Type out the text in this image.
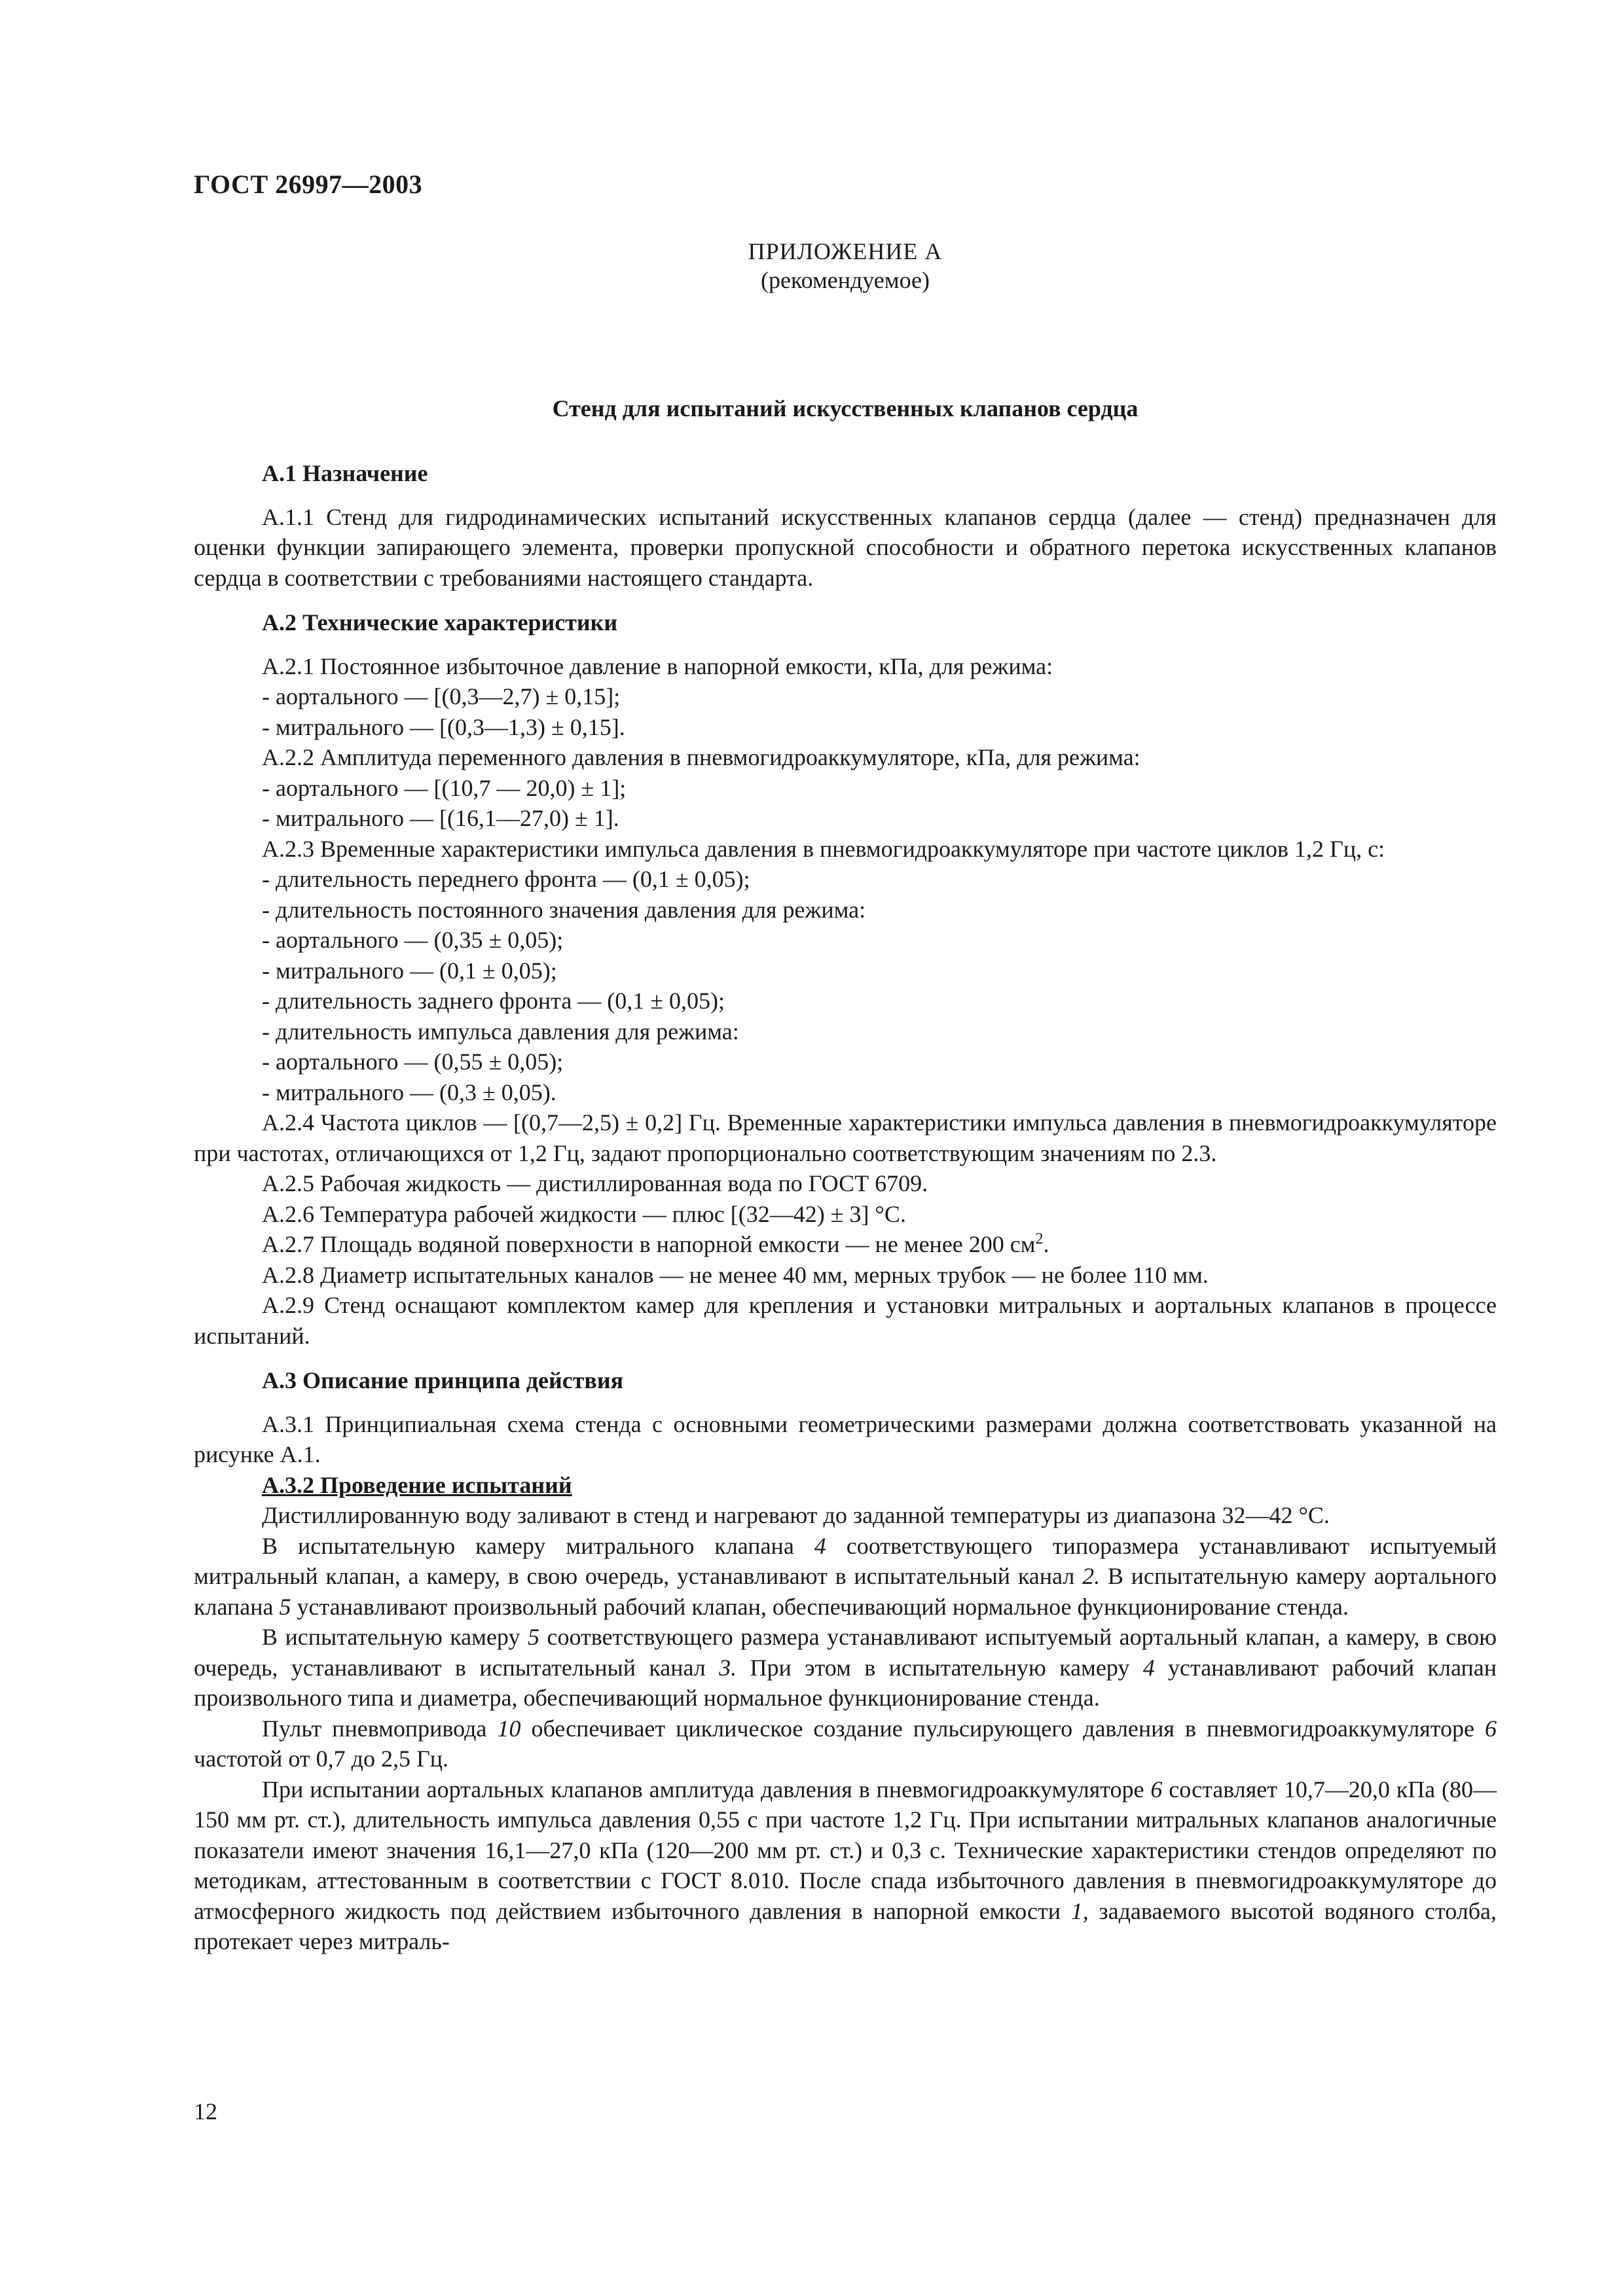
ГОСТ 26997—2003
ПРИЛОЖЕНИЕ А
(рекомендуемое)
Стенд для испытаний искусственных клапанов сердца

А.1 Назначение

А.1.1 Стенд для гидродинамических испытаний искусственных клапанов сердца (далее — стенд) предназначен для оценки функции запирающего элемента, проверки пропускной способности и обратного перетока искусственных клапанов сердца в соответствии с требованиями настоящего стандарта.

А.2 Технические характеристики

А.2.1 Постоянное избыточное давление в напорной емкости, кПа, для режима:

- аортального — [(0,3—2,7) ± 0,15];

- митрального — [(0,3—1,3) ± 0,15].

А.2.2 Амплитуда переменного давления в пневмогидроаккумуляторе, кПа, для режима:

- аортального — [(10,7 — 20,0) ± 1];

- митрального — [(16,1—27,0) ± 1].

А.2.3 Временные характеристики импульса давления в пневмогидроаккумуляторе при частоте циклов 1,2 Гц, с:

- длительность переднего фронта — (0,1 ± 0,05);

- длительность постоянного значения давления для режима:

- аортального — (0,35 ± 0,05);

- митрального — (0,1 ± 0,05);

- длительность заднего фронта — (0,1 ± 0,05);

- длительность импульса давления для режима:

- аортального — (0,55 ± 0,05);

- митрального — (0,3 ± 0,05).

А.2.4 Частота циклов — [(0,7—2,5) ± 0,2] Гц. Временные характеристики импульса давления в пневмогидроаккумуляторе при частотах, отличающихся от 1,2 Гц, задают пропорционально соответствующим значениям по 2.3.

А.2.5 Рабочая жидкость — дистиллированная вода по ГОСТ 6709.

А.2.6 Температура рабочей жидкости — плюс [(32—42) ± 3] °С.

А.2.7 Площадь водяной поверхности в напорной емкости — не менее 200 $см^2$.

А.2.8 Диаметр испытательных каналов — не менее 40 мм, мерных трубок — не более 110 мм.

А.2.9 Стенд оснащают комплектом камер для крепления и установки митральных и аортальных клапанов в процессе испытаний.

А.3 Описание принципа действия

А.3.1 Принципиальная схема стенда с основными геометрическими размерами должна соответствовать указанной на рисунке А.1.

А.3.2 Проведение испытаний

Дистиллированную воду заливают в стенд и нагревают до заданной температуры из диапазона 32—42 °С.

В испытательную камеру митрального клапана 4 соответствующего типоразмера устанавливают испытуемый митральный клапан, а камеру, в свою очередь, устанавливают в испытательный канал 2. В испытательную камеру аортального клапана 5 устанавливают произвольный рабочий клапан, обеспечивающий нормальное функционирование стенда.

В испытательную камеру 5 соответствующего размера устанавливают испытуемый аортальный клапан, а камеру, в свою очередь, устанавливают в испытательный канал 3. При этом в испытательную камеру 4 устанавливают рабочий клапан произвольного типа и диаметра, обеспечивающий нормальное функционирование стенда.

Пульт пневмопривода 10 обеспечивает циклическое создание пульсирующего давления в пневмогидроаккумуляторе 6 частотой от 0,7 до 2,5 Гц.

При испытании аортальных клапанов амплитуда давления в пневмогидроаккумуляторе 6 составляет 10,7—20,0 кПа (80—150 мм рт. ст.), длительность импульса давления 0,55 с при частоте 1,2 Гц. При испытании митральных клапанов аналогичные показатели имеют значения 16,1—27,0 кПа (120—200 мм рт. ст.) и 0,3 с. Технические характеристики стендов определяют по методикам, аттестованным в соответствии с ГОСТ 8.010. После спада избыточного давления в пневмогидроаккумуляторе до атмосферного жидкость под действием избыточного давления в напорной емкости 1, задаваемого высотой водяного столба, протекает через митраль-

12
